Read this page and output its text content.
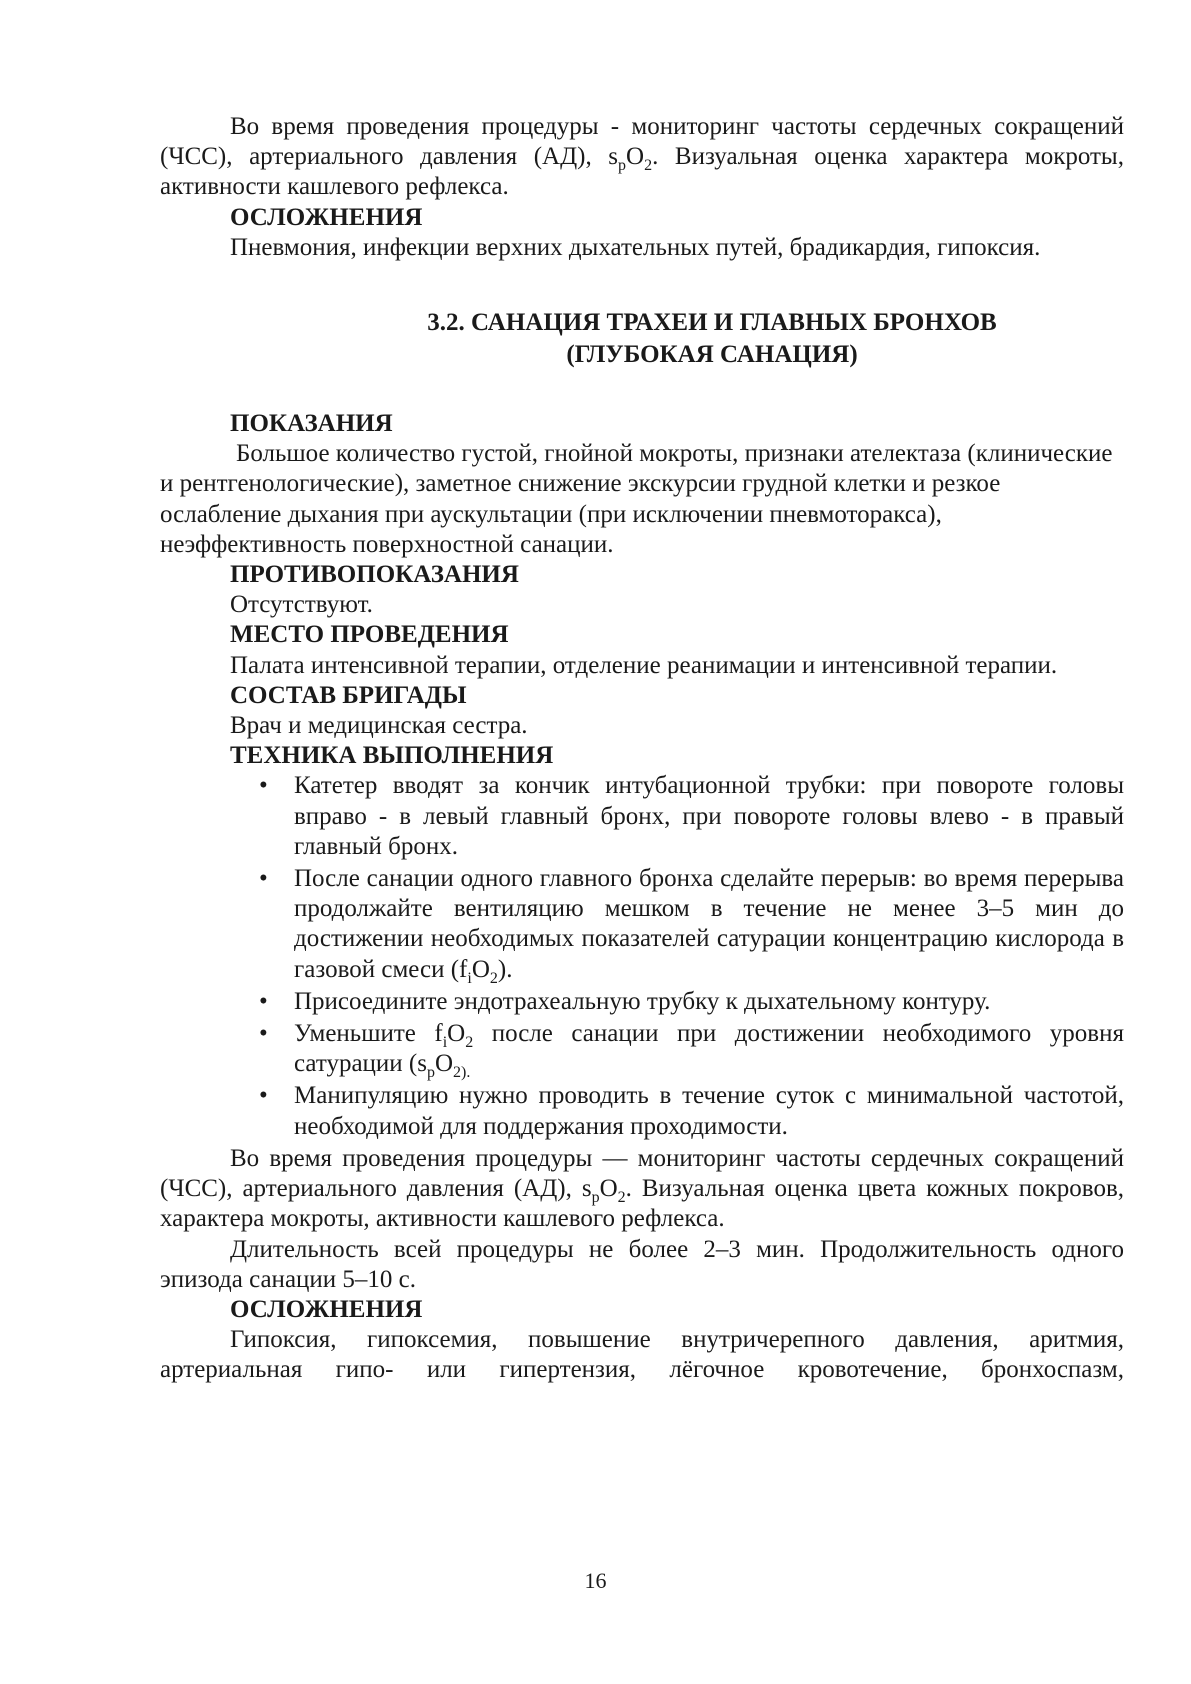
Во время проведения процедуры - мониторинг частоты сердечных сокращений (ЧСС), артериального давления (АД), $s_pO_2$. Визуальная оценка характера мокроты, активности кашлевого рефлекса.

ОСЛОЖНЕНИЯ

Пневмония, инфекции верхних дыхательных путей, брадикардия, гипоксия.

3.2. САНАЦИЯ ТРАХЕИ И ГЛАВНЫХ БРОНХОВ
(ГЛУБОКАЯ САНАЦИЯ)

ПОКАЗАНИЯ

Большое количество густой, гнойной мокроты, признаки ателектаза (клинические и рентгенологические), заметное снижение экскурсии грудной клетки и резкое ослабление дыхания при аускультации (при исключении пневмоторакса), неэффективность поверхностной санации.

ПРОТИВОПОКАЗАНИЯ

Отсутствуют.

МЕСТО ПРОВЕДЕНИЯ

Палата интенсивной терапии, отделение реанимации и интенсивной терапии.

СОСТАВ БРИГАДЫ

Врач и медицинская сестра.

ТЕХНИКА ВЫПОЛНЕНИЯ

• Катетер вводят за кончик интубационной трубки: при повороте головы вправо - в левый главный бронх, при повороте головы влево - в правый главный бронх.
• После санации одного главного бронха сделайте перерыв: во время перерыва продолжайте вентиляцию мешком в течение не менее 3–5 мин до достижении необходимых показателей сатурации концентрацию кислорода в газовой смеси $(f_iO_2)$.
• Присоедините эндотрахеальную трубку к дыхательному контуру.
• Уменьшите $f_iO_2$ после санации при достижении необходимого уровня сатурации ($s_pO_{2).}$
• Манипуляцию нужно проводить в течение суток с минимальной частотой, необходимой для поддержания проходимости.

Во время проведения процедуры — мониторинг частоты сердечных сокращений (ЧСС), артериального давления (АД), $s_pO_2$. Визуальная оценка цвета кожных покровов, характера мокроты, активности кашлевого рефлекса.

Длительность всей процедуры не более 2–3 мин. Продолжительность одного эпизода санации 5–10 с.

ОСЛОЖНЕНИЯ

Гипоксия, гипоксемия, повышение внутричерепного давления, аритмия, артериальная гипо- или гипертензия, лёгочное кровотечение, бронхоспазм,

16
